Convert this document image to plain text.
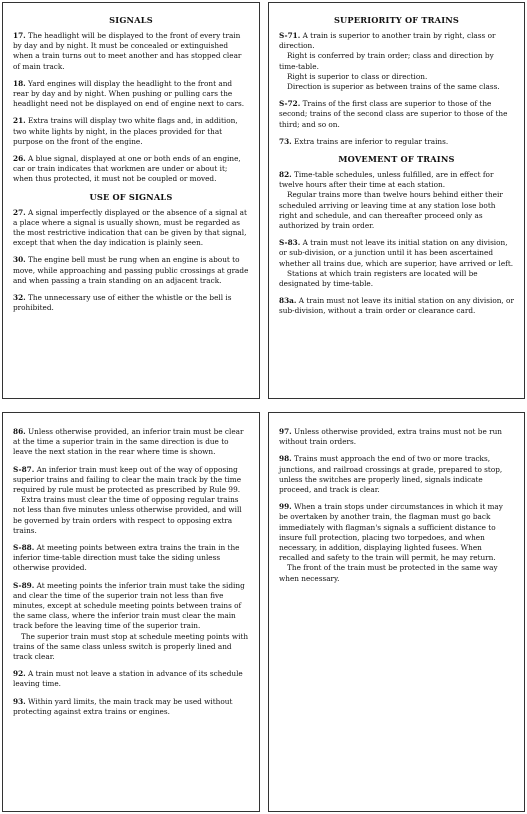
SIGNALS

17. The headlight will be displayed to the front of every train by day and by night. It must be concealed or extinguished when a train turns out to meet another and has stopped clear of main track.

18. Yard engines will display the headlight to the front and rear by day and by night. When pushing or pulling cars the headlight need not be displayed on end of engine next to cars.

21. Extra trains will display two white flags and, in addition, two white lights by night, in the places provided for that purpose on the front of the engine.

26. A blue signal, displayed at one or both ends of an engine, car or train indicates that workmen are under or about it; when thus protected, it must not be coupled or moved.

USE OF SIGNALS

27. A signal imperfectly displayed or the absence of a signal at a place where a signal is usually shown, must be regarded as the most restrictive indication that can be given by that signal, except that when the day indication is plainly seen.

30. The engine bell must be rung when an engine is about to move, while approaching and passing public crossings at grade and when passing a train standing on an adjacent track.

32. The unnecessary use of either the whistle or the bell is prohibited.

SUPERIORITY OF TRAINS

S-71. A train is superior to another train by right, class or direction.

Right is conferred by train order; class and direction by time-table.

Right is superior to class or direction.

Direction is superior as between trains of the same class.

S-72. Trains of the first class are superior to those of the second; trains of the second class are superior to those of the third; and so on.

73. Extra trains are inferior to regular trains.

MOVEMENT OF TRAINS

82. Time-table schedules, unless fulfilled, are in effect for twelve hours after their time at each station.

Regular trains more than twelve hours behind either their scheduled arriving or leaving time at any station lose both right and schedule, and can thereafter proceed only as authorized by train order.

S-83. A train must not leave its initial station on any division, or sub-division, or a junction until it has been ascertained whether all trains due, which are superior, have arrived or left.

Stations at which train registers are located will be designated by time-table.

83a. A train must not leave its initial station on any division, or sub-division, without a train order or clearance card.

86. Unless otherwise provided, an inferior train must be clear at the time a superior train in the same direction is due to leave the next station in the rear where time is shown.

S-87. An inferior train must keep out of the way of opposing superior trains and failing to clear the main track by the time required by rule must be protected as prescribed by Rule 99.

Extra trains must clear the time of opposing regular trains not less than five minutes unless otherwise provided, and will be governed by train orders with respect to opposing extra trains.

S-88. At meeting points between extra trains the train in the inferior time-table direction must take the siding unless otherwise provided.

S-89. At meeting points the inferior train must take the siding and clear the time of the superior train not less than five minutes, except at schedule meeting points between trains of the same class, where the inferior train must clear the main track before the leaving time of the superior train.

The superior train must stop at schedule meeting points with trains of the same class unless switch is properly lined and track clear.

92. A train must not leave a station in advance of its schedule leaving time.

93. Within yard limits, the main track may be used without protecting against extra trains or engines.

97. Unless otherwise provided, extra trains must not be run without train orders.

98. Trains must approach the end of two or more tracks, junctions, and railroad crossings at grade, prepared to stop, unless the switches are properly lined, signals indicate proceed, and track is clear.

99. When a train stops under circumstances in which it may be overtaken by another train, the flagman must go back immediately with flagman's signals a sufficient distance to insure full protection, placing two torpedoes, and when necessary, in addition, displaying lighted fusees. When recalled and safety to the train will permit, he may return.

The front of the train must be protected in the same way when necessary.
